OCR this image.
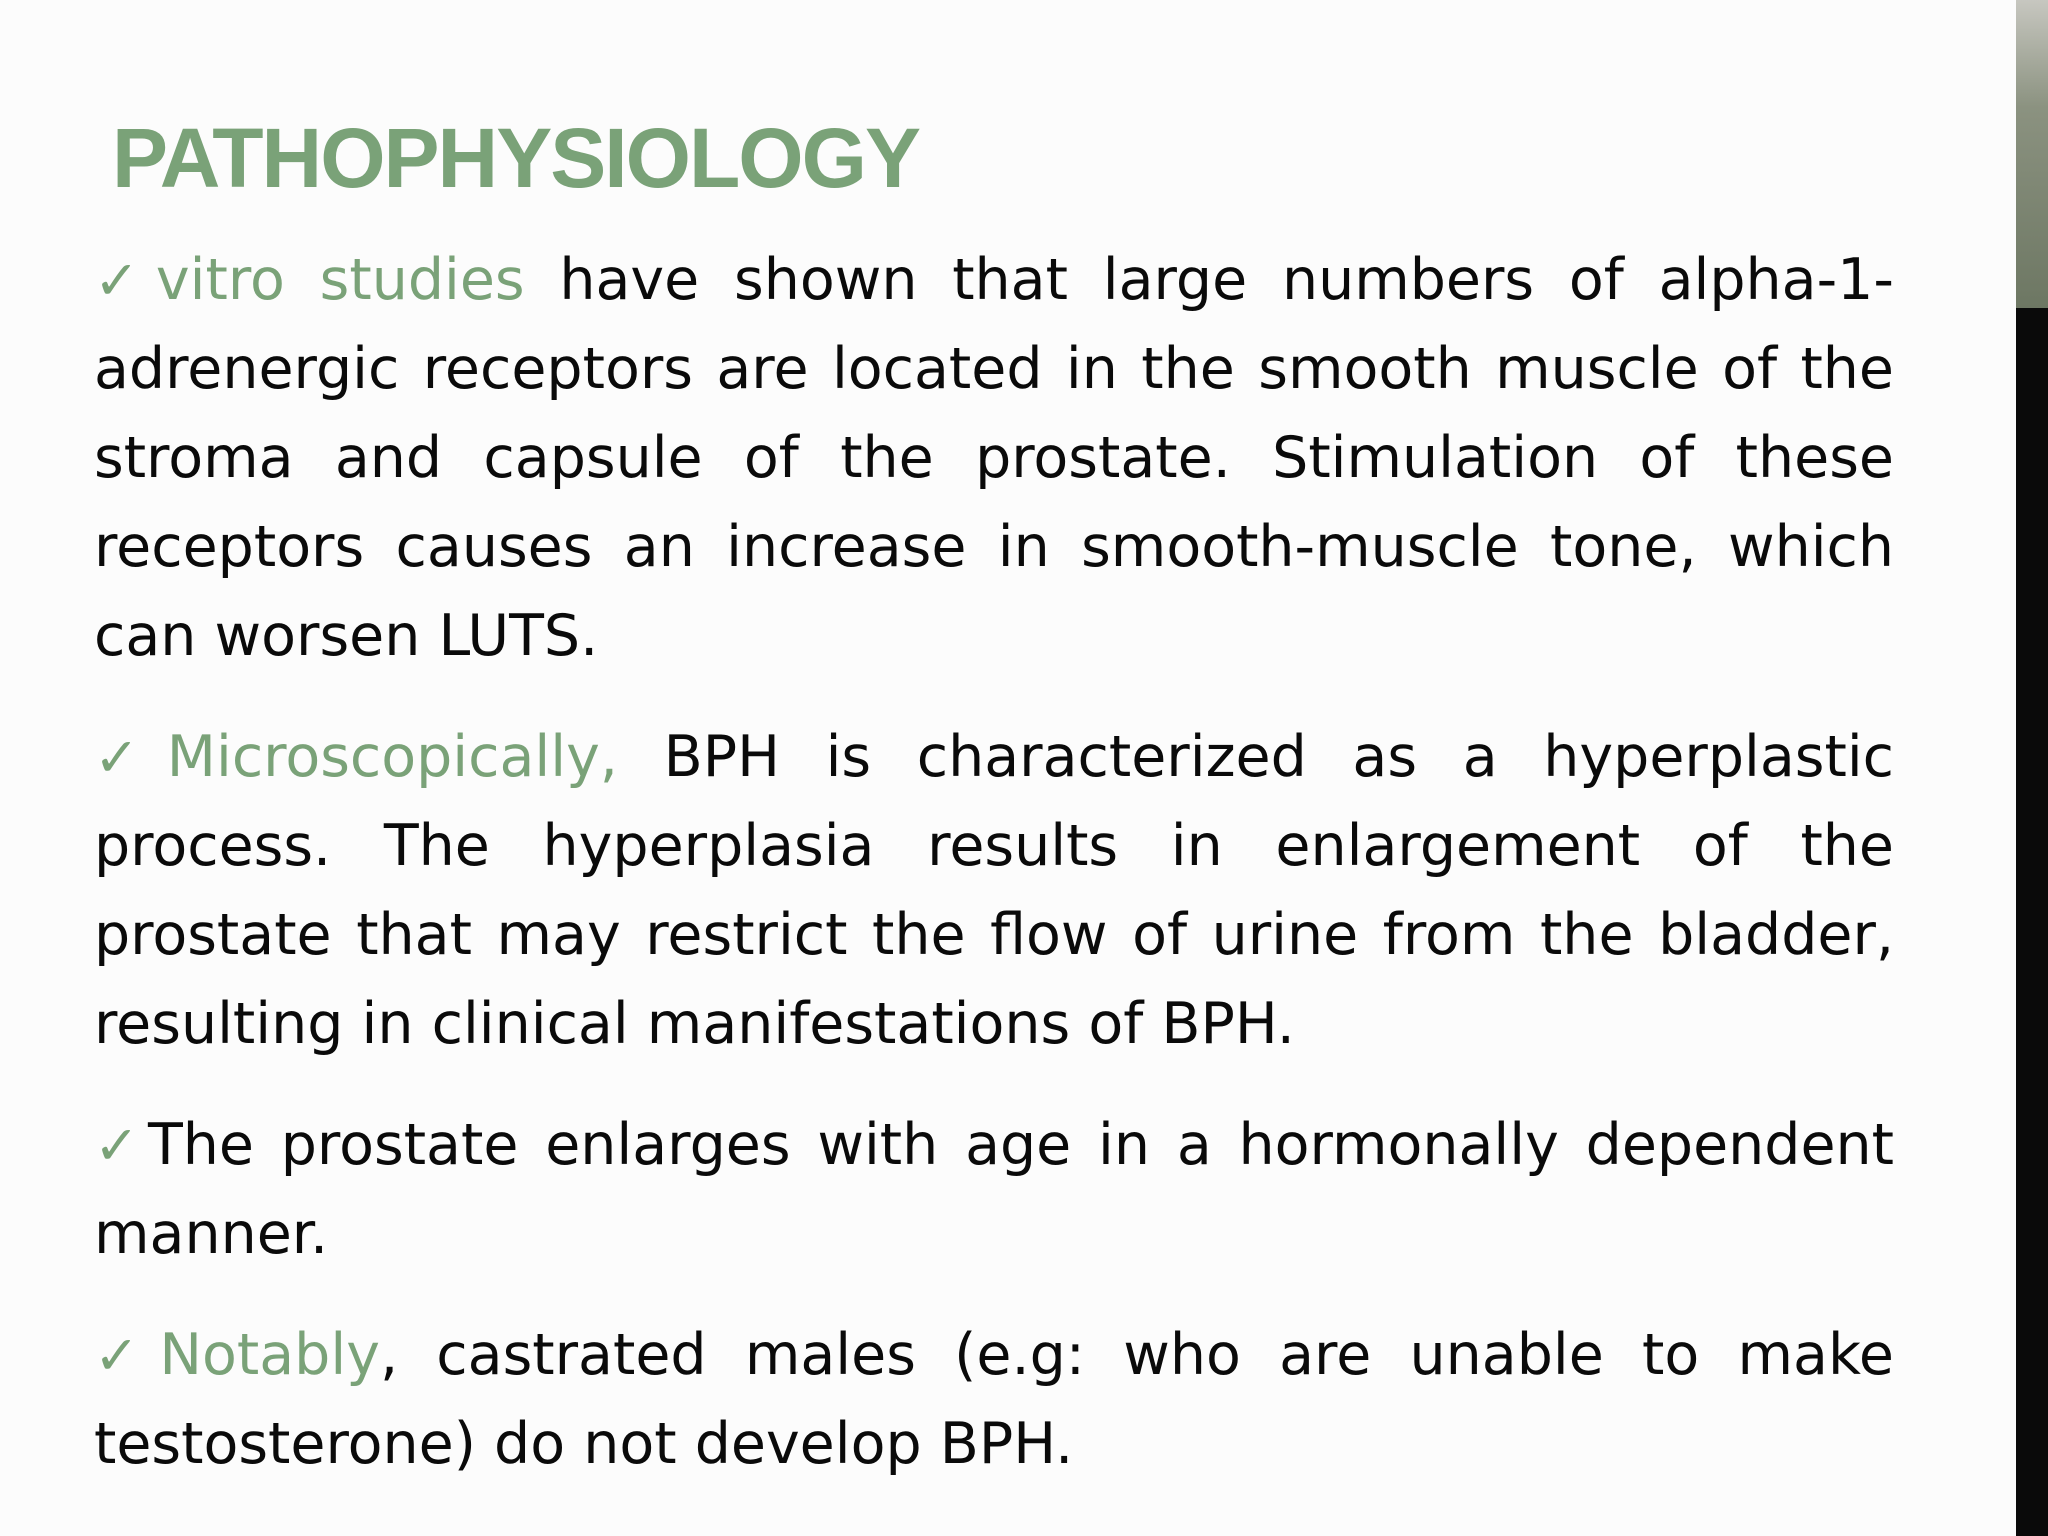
PATHOPHYSIOLOGY

✓vitro studies have shown that large numbers of alpha-1-adrenergic receptors are located in the smooth muscle of the stroma and capsule of the prostate. Stimulation of these receptors causes an increase in smooth-muscle tone, which can worsen LUTS.

✓Microscopically, BPH is characterized as a hyperplastic process. The hyperplasia results in enlargement of the prostate that may restrict the flow of urine from the bladder, resulting in clinical manifestations of BPH.

✓The prostate enlarges with age in a hormonally dependent manner.

✓Notably, castrated males (e.g: who are unable to make testosterone) do not develop BPH.
